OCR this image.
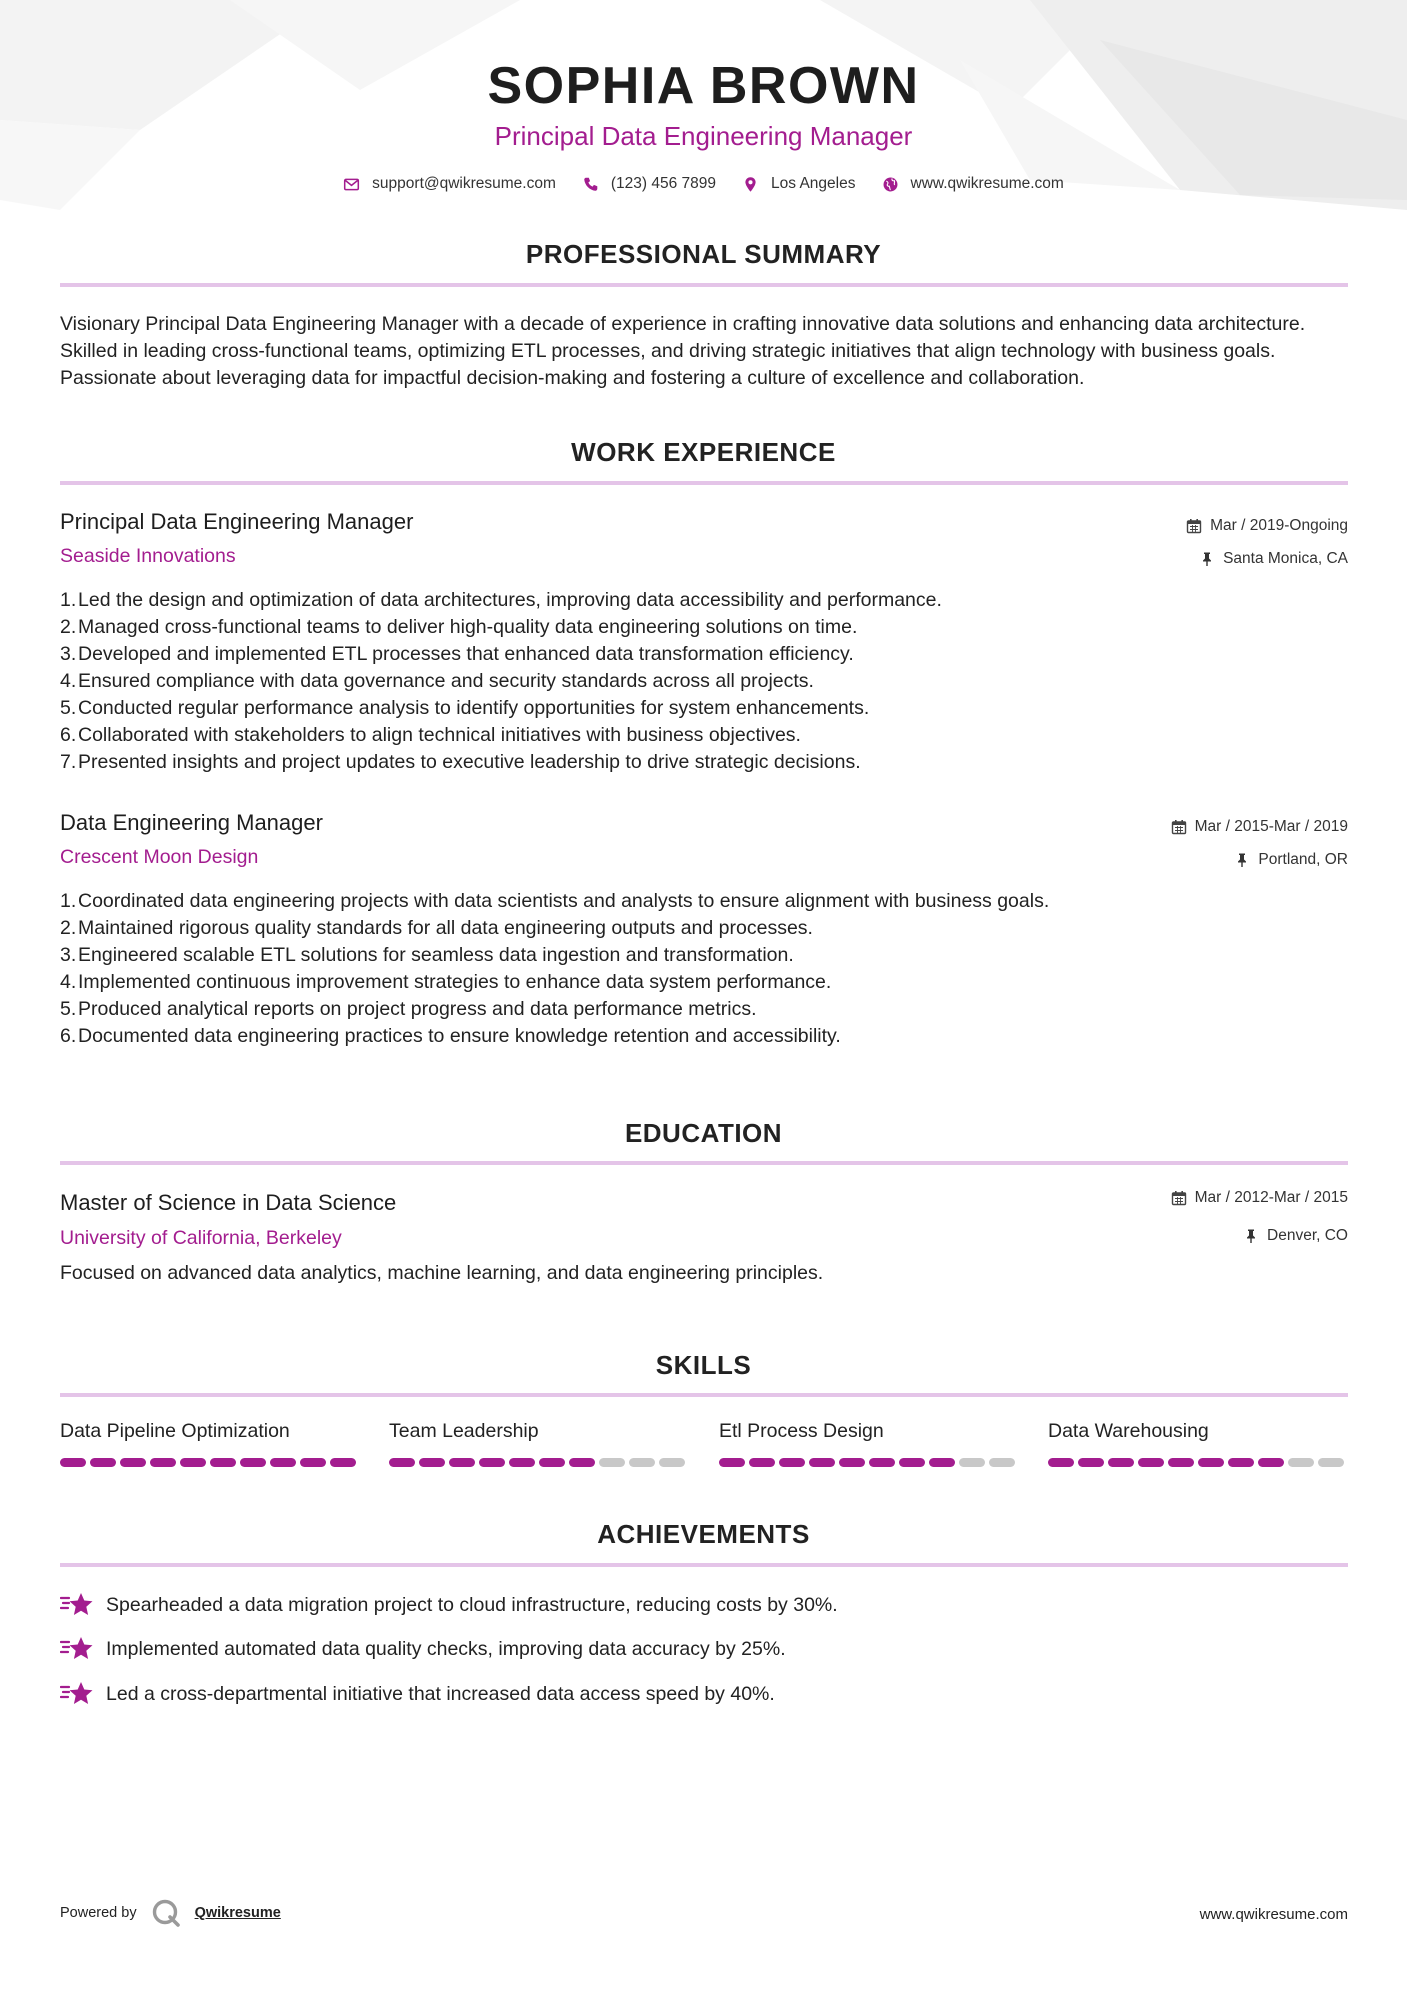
SOPHIA BROWN
Principal Data Engineering Manager
support@qwikresume.com	(123) 456 7899	Los Angeles	www.qwikresume.com
PROFESSIONAL SUMMARY

Visionary Principal Data Engineering Manager with a decade of experience in crafting innovative data solutions and enhancing data architecture. Skilled in leading cross-functional teams, optimizing ETL processes, and driving strategic initiatives that align technology with business goals. Passionate about leveraging data for impactful decision-making and fostering a culture of excellence and collaboration.

WORK EXPERIENCE
Principal Data Engineering Manager
Seaside Innovations
Mar / 2019-Ongoing
Santa Monica, CA
1. Led the design and optimization of data architectures, improving data accessibility and performance.
2. Managed cross-functional teams to deliver high-quality data engineering solutions on time.
3. Developed and implemented ETL processes that enhanced data transformation efficiency.
4. Ensured compliance with data governance and security standards across all projects.
5. Conducted regular performance analysis to identify opportunities for system enhancements.
6. Collaborated with stakeholders to align technical initiatives with business objectives.
7. Presented insights and project updates to executive leadership to drive strategic decisions.
Data Engineering Manager
Crescent Moon Design
Mar / 2015-Mar / 2019
Portland, OR
1. Coordinated data engineering projects with data scientists and analysts to ensure alignment with business goals.
2. Maintained rigorous quality standards for all data engineering outputs and processes.
3. Engineered scalable ETL solutions for seamless data ingestion and transformation.
4. Implemented continuous improvement strategies to enhance data system performance.
5. Produced analytical reports on project progress and data performance metrics.
6. Documented data engineering practices to ensure knowledge retention and accessibility.
EDUCATION
Master of Science in Data Science
University of California, Berkeley
Mar / 2012-Mar / 2015
Denver, CO
Focused on advanced data analytics, machine learning, and data engineering principles.
SKILLS
Data Pipeline Optimization	Team Leadership	Etl Process Design	Data Warehousing
ACHIEVEMENTS
Spearheaded a data migration project to cloud infrastructure, reducing costs by 30%.
Implemented automated data quality checks, improving data accuracy by 25%.
Led a cross-departmental initiative that increased data access speed by 40%.
Powered by	Qwikresume	www.qwikresume.com
